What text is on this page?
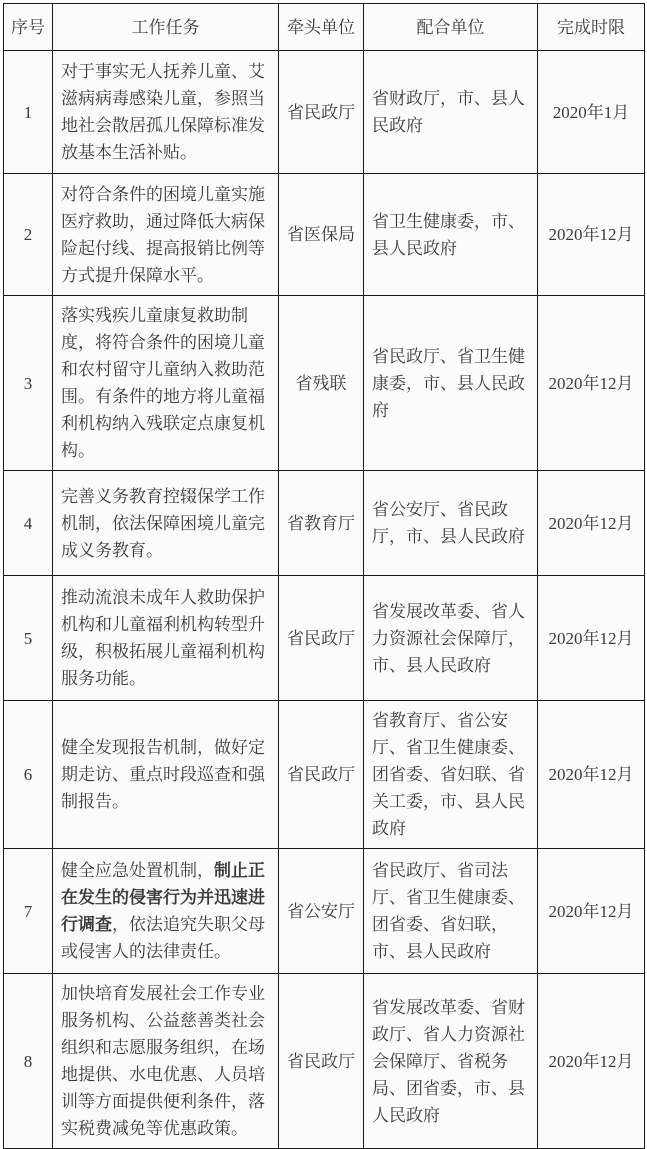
序号	工作任务	牵头单位	配合单位	完成时限
1	对于事实无人抚养儿童、艾滋病病毒感染儿童，参照当地社会散居孤儿保障标准发放基本生活补贴。	省民政厅	省财政厅，市、县人民政府	2020年1月
2	对符合条件的困境儿童实施医疗救助，通过降低大病保险起付线、提高报销比例等方式提升保障水平。	省医保局	省卫生健康委，市、县人民政府	2020年12月
3	落实残疾儿童康复救助制度，将符合条件的困境儿童和农村留守儿童纳入救助范围。有条件的地方将儿童福利机构纳入残联定点康复机构。	省残联	省民政厅、省卫生健康委，市、县人民政府	2020年12月
4	完善义务教育控辍保学工作机制，依法保障困境儿童完成义务教育。	省教育厅	省公安厅、省民政厅，市、县人民政府	2020年12月
5	推动流浪未成年人救助保护机构和儿童福利机构转型升级，积极拓展儿童福利机构服务功能。	省民政厅	省发展改革委、省人力资源社会保障厅，市、县人民政府	2020年12月
6	健全发现报告机制，做好定期走访、重点时段巡查和强制报告。	省民政厅	省教育厅、省公安厅、省卫生健康委、团省委、省妇联、省关工委，市、县人民政府	2020年12月
7	健全应急处置机制，制止正在发生的侵害行为并迅速进行调查，依法追究失职父母或侵害人的法律责任。	省公安厅	省民政厅、省司法厅、省卫生健康委、团省委、省妇联，市、县人民政府	2020年12月
8	加快培育发展社会工作专业服务机构、公益慈善类社会组织和志愿服务组织，在场地提供、水电优惠、人员培训等方面提供便利条件，落实税费减免等优惠政策。	省民政厅	省发展改革委、省财政厅、省人力资源社会保障厅、省税务局、团省委，市、县人民政府	2020年12月
